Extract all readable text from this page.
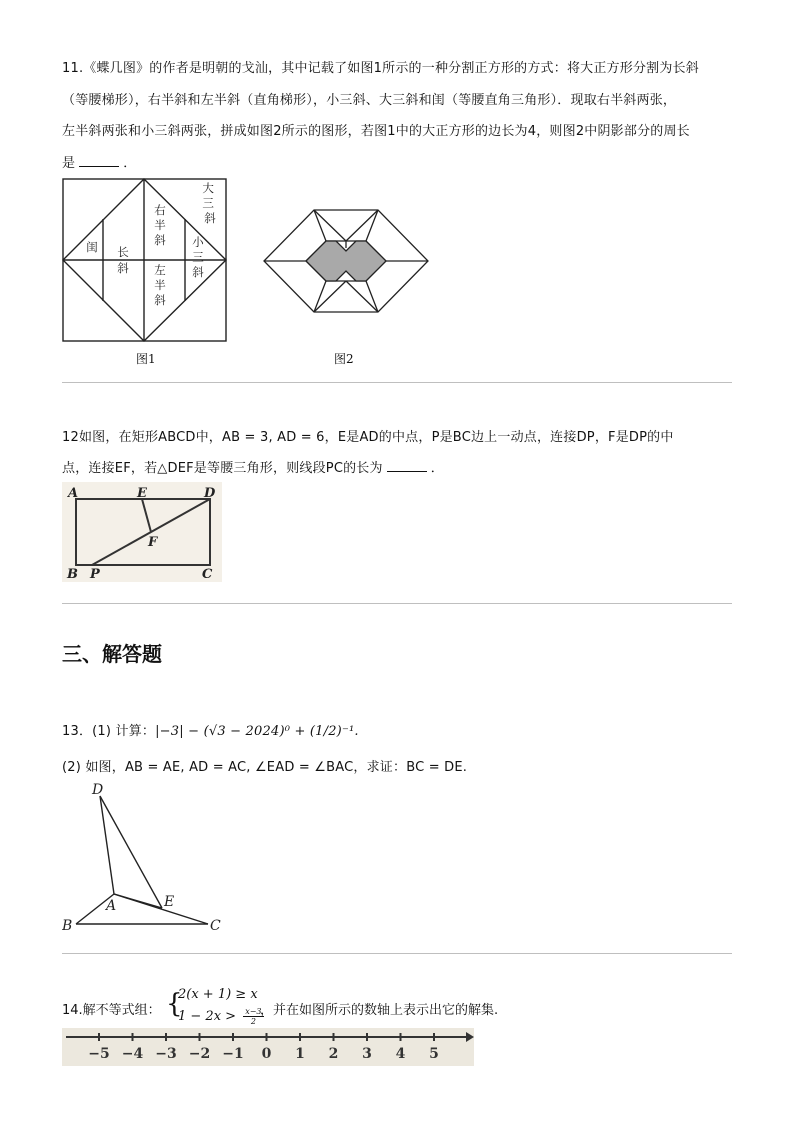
11.《蝶几图》的作者是明朝的戈汕，其中记载了如图1所示的一种分割正方形的方式：将大正方形分割为长斜
（等腰梯形），右半斜和左半斜（直角梯形），小三斜、大三斜和闺（等腰直角三角形）．现取右半斜两张，
左半斜两张和小三斜两张，拼成如图2所示的图形，若图1中的大正方形的边长为4，则图2中阴影部分的周长
是	．
大 三 斜
右半斜 小三斜
闺 长斜 左半斜
图1	图2
12如图，在矩形ABCD中，AB = 3, AD = 6，E是AD的中点，P是BC边上一动点，连接DP，F是DP的中
点，连接EF，若△DEF是等腰三角形，则线段PC的长为	．
A	E	D
F
B P	C
三、解答题
13．(1) 计算：|−3| − (√3 − 2024)⁰ + (1/2)⁻¹.
(2) 如图，AB = AE, AD = AC, ∠EAD = ∠BAC，求证：BC = DE.
D
A	E
B	C
14.解不等式组： {
2(x + 1) ≥ x
$1 - 2x > \frac{x-3}{2}$
，并在如图所示的数轴上表示出它的解集.
−5 −4 −3 −2 −1 0 1 2 3 4 5
